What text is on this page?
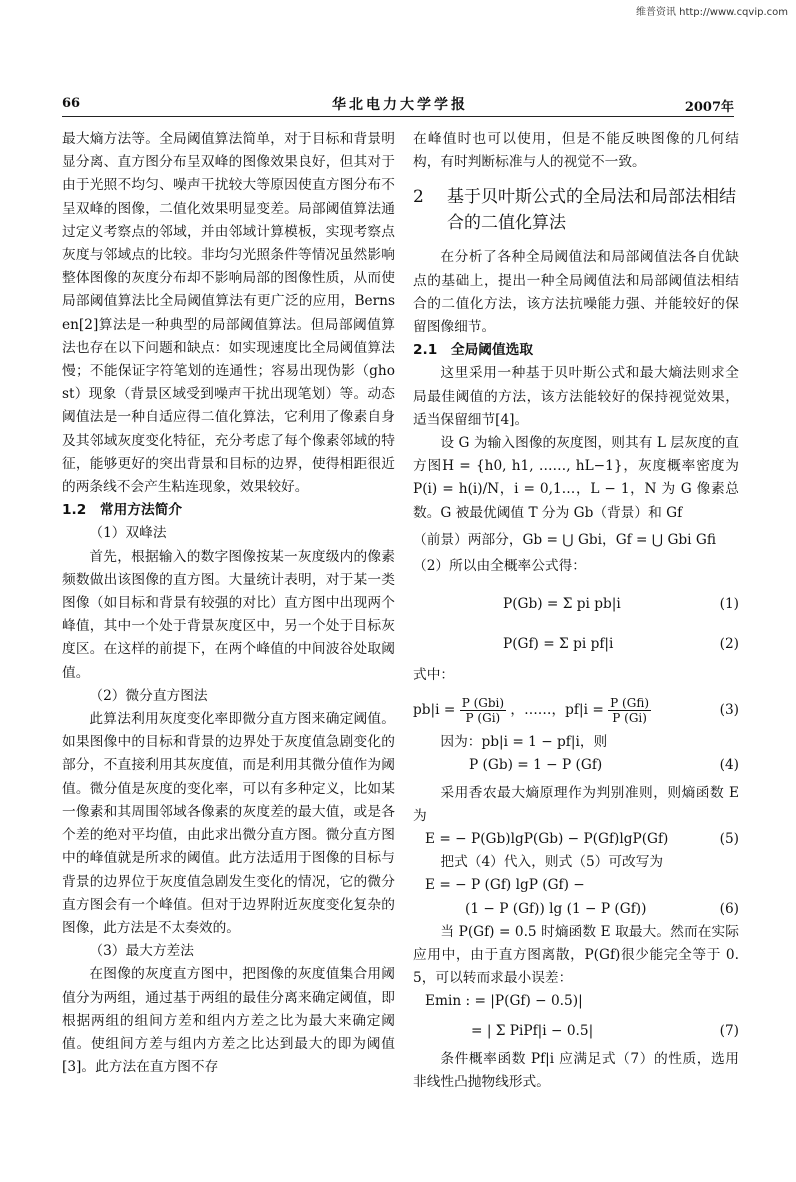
维普资讯 http://www.cqvip.com
66	华北电力大学学报	2007年

最大熵方法等。全局阈值算法简单，对于目标和背景明显分离、直方图分布呈双峰的图像效果良好，但其对于由于光照不均匀、噪声干扰较大等原因使直方图分布不呈双峰的图像，二值化效果明显变差。局部阈值算法通过定义考察点的邻域，并由邻域计算模板，实现考察点灰度与邻域点的比较。非均匀光照条件等情况虽然影响整体图像的灰度分布却不影响局部的图像性质，从而使局部阈值算法比全局阈值算法有更广泛的应用，Bernsen[2]算法是一种典型的局部阈值算法。但局部阈值算法也存在以下问题和缺点：如实现速度比全局阈值算法慢；不能保证字符笔划的连通性；容易出现伪影（ghost）现象（背景区域受到噪声干扰出现笔划）等。动态阈值法是一种自适应得二值化算法，它利用了像素自身及其邻域灰度变化特征，充分考虑了每个像素邻域的特征，能够更好的突出背景和目标的边界，使得相距很近的两条线不会产生粘连现象，效果较好。

1.2　常用方法简介

（1）双峰法

首先，根据输入的数字图像按某一灰度级内的像素频数做出该图像的直方图。大量统计表明，对于某一类图像（如目标和背景有较强的对比）直方图中出现两个峰值，其中一个处于背景灰度区中，另一个处于目标灰度区。在这样的前提下，在两个峰值的中间波谷处取阈值。

（2）微分直方图法

此算法利用灰度变化率即微分直方图来确定阈值。如果图像中的目标和背景的边界处于灰度值急剧变化的部分，不直接利用其灰度值，而是利用其微分值作为阈值。微分值是灰度的变化率，可以有多种定义，比如某一像素和其周围邻域各像素的灰度差的最大值，或是各个差的绝对平均值，由此求出微分直方图。微分直方图中的峰值就是所求的阈值。此方法适用于图像的目标与背景的边界位于灰度值急剧发生变化的情况，它的微分直方图会有一个峰值。但对于边界附近灰度变化复杂的图像，此方法是不太奏效的。

（3）最大方差法

在图像的灰度直方图中，把图像的灰度值集合用阈值分为两组，通过基于两组的最佳分离来确定阈值，即根据两组的组间方差和组内方差之比为最大来确定阈值。使组间方差与组内方差之比达到最大的即为阈值[3]。此方法在直方图不存

在峰值时也可以使用，但是不能反映图像的几何结构，有时判断标准与人的视觉不一致。

2	基于贝叶斯公式的全局法和局部法相结合的二值化算法

在分析了各种全局阈值法和局部阈值法各自优缺点的基础上，提出一种全局阈值法和局部阈值法相结合的二值化方法，该方法抗噪能力强、并能较好的保留图像细节。

2.1　全局阈值选取

这里采用一种基于贝叶斯公式和最大熵法则求全局最佳阈值的方法，该方法能较好的保持视觉效果，适当保留细节[4]。

设 G 为输入图像的灰度图，则其有 L 层灰度的直方图H = {h0, h1, ……, hL−1}，灰度概率密度为 P(i) = h(i)/N，i = 0,1…，L − 1，N 为 G 像素总数。G 被最优阈值 T 分为 Gb（背景）和 Gf

（前景）两部分，Gb = ⋃ Gbi，Gf = ⋃ Gbi Gfi

（2）所以由全概率公式得：

P(Gb) = Σ pi pb|i	(1)
P(Gf) = Σ pi pf|i	(2)

式中：

$pb|i = \frac{\text{P (Gbi)}}{P (Gi)}$ ，……，$pf|i = \frac{\text{P (Gfi)}}{P (Gi)}$	(3)

因为：pb|i = 1 − pf|i，则

P (Gb) = 1 − P (Gf)	(4)

采用香农最大熵原理作为判别准则，则熵函数 E 为

E = − P(Gb)lgP(Gb) − P(Gf)lgP(Gf)	(5)

把式（4）代入，则式（5）可改写为

E = − P (Gf) lgP (Gf) −
(1 − P (Gf)) lg (1 − P (Gf))	(6)

当 P(Gf) = 0.5 时熵函数 E 取最大。然而在实际应用中，由于直方图离散，P(Gf)很少能完全等于 0.5，可以转而求最小误差：

Emin : = |P(Gf) − 0.5)|
= | Σ PiPf|i − 0.5|	(7)

条件概率函数 Pf|i 应满足式（7）的性质，选用非线性凸抛物线形式。
